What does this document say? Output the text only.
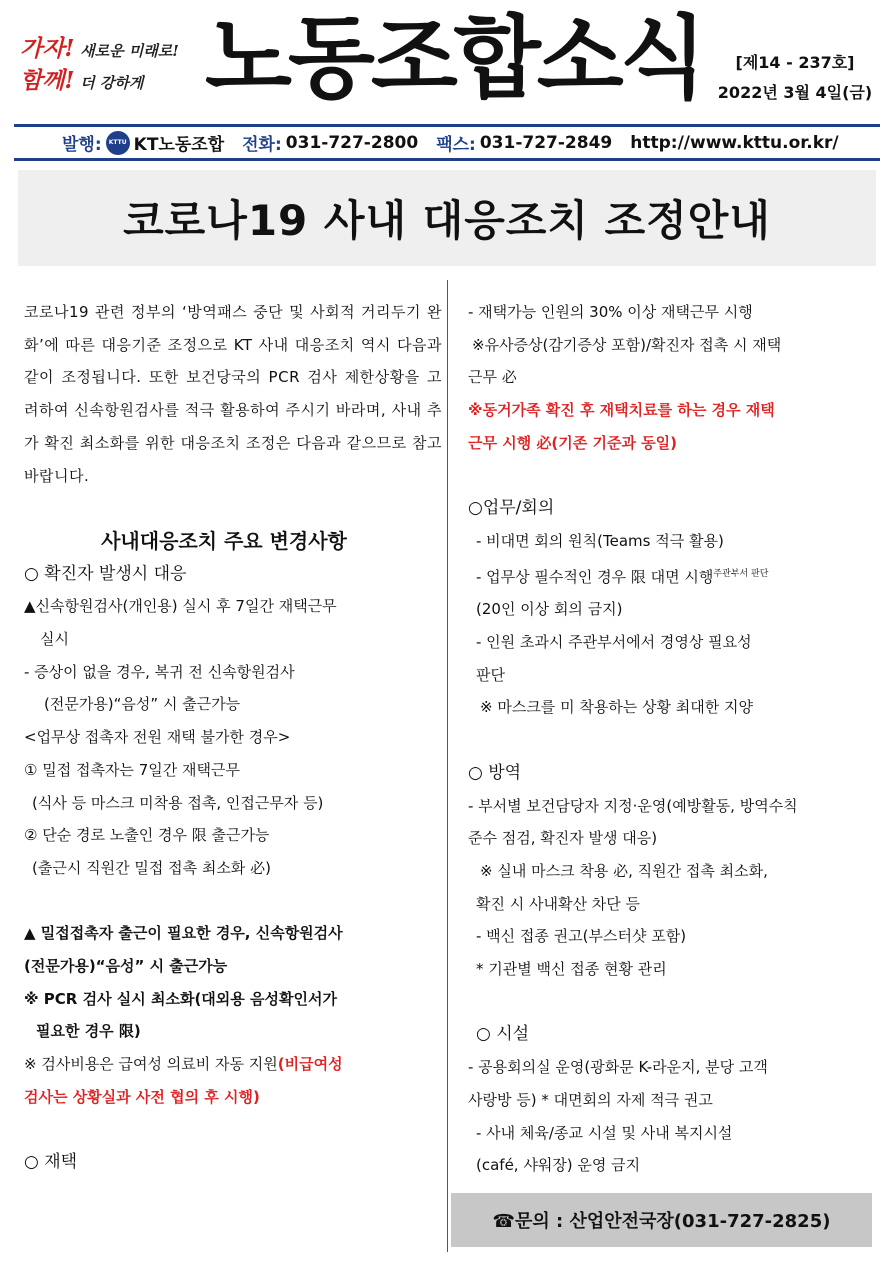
가자! 새로운 미래로!
함께! 더 강하게 노동조합소식	[제14 - 237호]
2022년 3월 4일(금)
발행:	KTTU KT노동조합 전화: 031-727-2800 팩스: 031-727-2849 http://www.kttu.or.kr/
코로나19 사내 대응조치 조정안내
코로나19 관련 정부의 ‘방역패스 중단 및 사회적 거리두기 완화’에 따른 대응기준 조정으로 KT 사내 대응조치 역시 다음과 같이 조정됩니다. 또한 보건당국의 PCR 검사 제한상황을 고려하여 신속항원검사를 적극 활용하여 주시기 바라며, 사내 추가 확진 최소화를 위한 대응조치 조정은 다음과 같으므로 참고 바랍니다.

사내대응조치 주요 변경사항
○ 확진자 발생시 대응
▲신속항원검사(개인용) 실시 후 7일간 재택근무
실시
- 증상이 없을 경우, 복귀 전 신속항원검사
(전문가용)“음성” 시 출근가능
<업무상 접촉자 전원 재택 불가한 경우>
① 밀접 접촉자는 7일간 재택근무
(식사 등 마스크 미착용 접촉, 인접근무자 등)
② 단순 경로 노출인 경우 限 출근가능
(출근시 직원간 밀접 접촉 최소화 必)

▲ 밀접접촉자 출근이 필요한 경우, 신속항원검사
(전문가용)“음성” 시 출근가능
※ PCR 검사 실시 최소화(대외용 음성확인서가
필요한 경우 限)
※ 검사비용은 급여성 의료비 자동 지원(비급여성
검사는 상황실과 사전 협의 후 시행)

○ 재택
- 재택가능 인원의 30% 이상 재택근무 시행
※유사증상(감기증상 포함)/확진자 접촉 시 재택
근무 必
※동거가족 확진 후 재택치료를 하는 경우 재택
근무 시행 必(기존 기준과 동일)

○업무/회의
- 비대면 회의 원칙(Teams 적극 활용)
- 업무상 필수적인 경우 限 대면 시행$^{주관부서 판단}$
(20인 이상 회의 금지)
- 인원 초과시 주관부서에서 경영상 필요성
판단
※ 마스크를 미 착용하는 상황 최대한 지양

○ 방역
- 부서별 보건담당자 지정·운영(예방활동, 방역수칙
준수 점검, 확진자 발생 대응)
※ 실내 마스크 착용 必, 직원간 접촉 최소화,
확진 시 사내확산 차단 등
- 백신 접종 권고(부스터샷 포함)
* 기관별 백신 접종 현황 관리

○ 시설
- 공용회의실 운영(광화문 K-라운지, 분당 고객
사랑방 등) * 대면회의 자제 적극 권고
- 사내 체육/종교 시설 및 사내 복지시설
(café, 샤워장) 운영 금지
☎문의 : 산업안전국장(031-727-2825)
